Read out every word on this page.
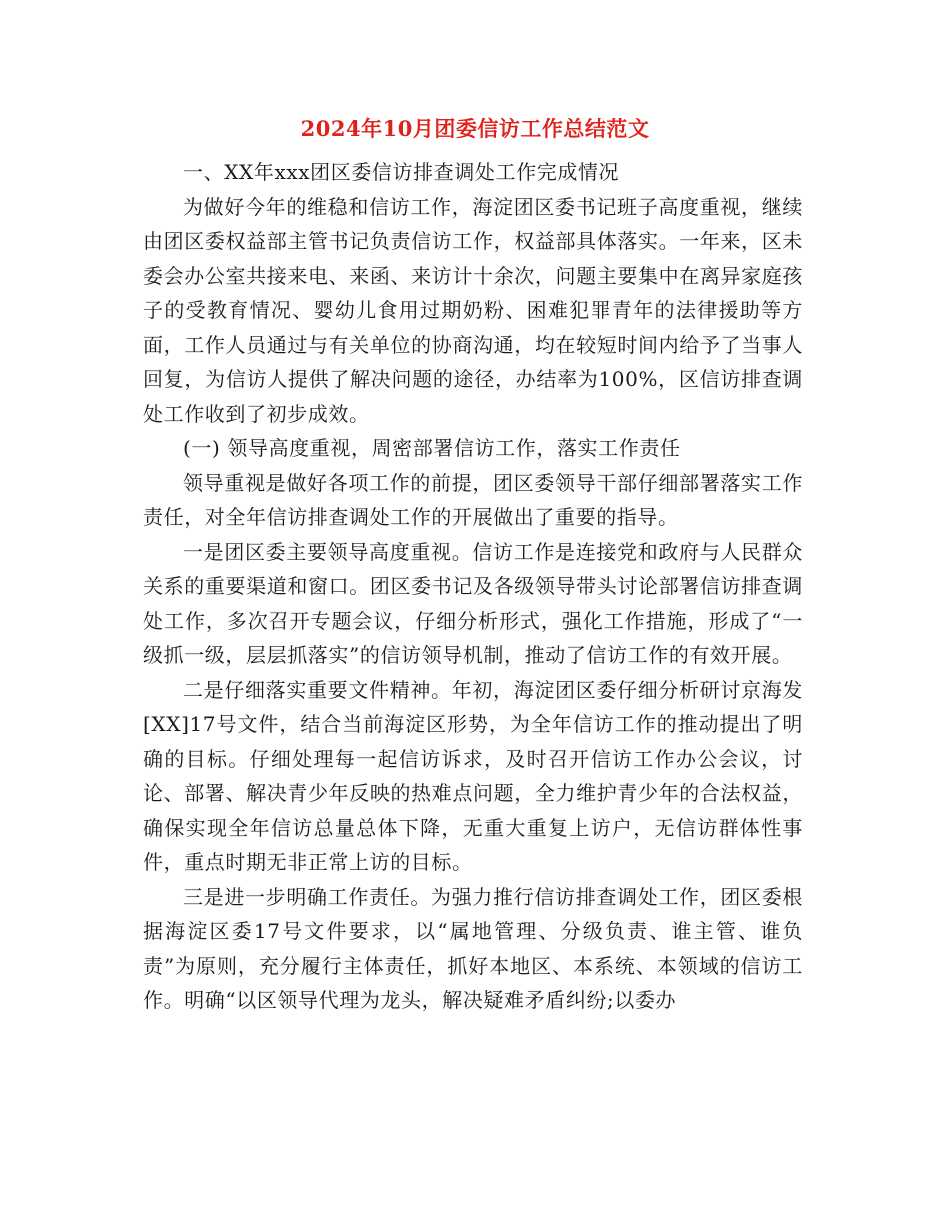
2024年10月团委信访工作总结范文

一、XX年xxx团区委信访排查调处工作完成情况

为做好今年的维稳和信访工作，海淀团区委书记班子高度重视，继续由团区委权益部主管书记负责信访工作，权益部具体落实。一年来，区未委会办公室共接来电、来函、来访计十余次，问题主要集中在离异家庭孩子的受教育情况、婴幼儿食用过期奶粉、困难犯罪青年的法律援助等方面，工作人员通过与有关单位的协商沟通，均在较短时间内给予了当事人回复，为信访人提供了解决问题的途径，办结率为100%，区信访排查调处工作收到了初步成效。

(一) 领导高度重视，周密部署信访工作，落实工作责任

领导重视是做好各项工作的前提，团区委领导干部仔细部署落实工作责任，对全年信访排查调处工作的开展做出了重要的指导。

一是团区委主要领导高度重视。信访工作是连接党和政府与人民群众关系的重要渠道和窗口。团区委书记及各级领导带头讨论部署信访排查调处工作，多次召开专题会议，仔细分析形式，强化工作措施，形成了“一级抓一级，层层抓落实”的信访领导机制，推动了信访工作的有效开展。

二是仔细落实重要文件精神。年初，海淀团区委仔细分析研讨京海发[XX]17号文件，结合当前海淀区形势，为全年信访工作的推动提出了明确的目标。仔细处理每一起信访诉求，及时召开信访工作办公会议，讨论、部署、解决青少年反映的热难点问题，全力维护青少年的合法权益，确保实现全年信访总量总体下降，无重大重复上访户，无信访群体性事件，重点时期无非正常上访的目标。

三是进一步明确工作责任。为强力推行信访排查调处工作，团区委根据海淀区委17号文件要求，以“属地管理、分级负责、谁主管、谁负责”为原则，充分履行主体责任，抓好本地区、本系统、本领域的信访工作。明确“以区领导代理为龙头，解决疑难矛盾纠纷;以委办
